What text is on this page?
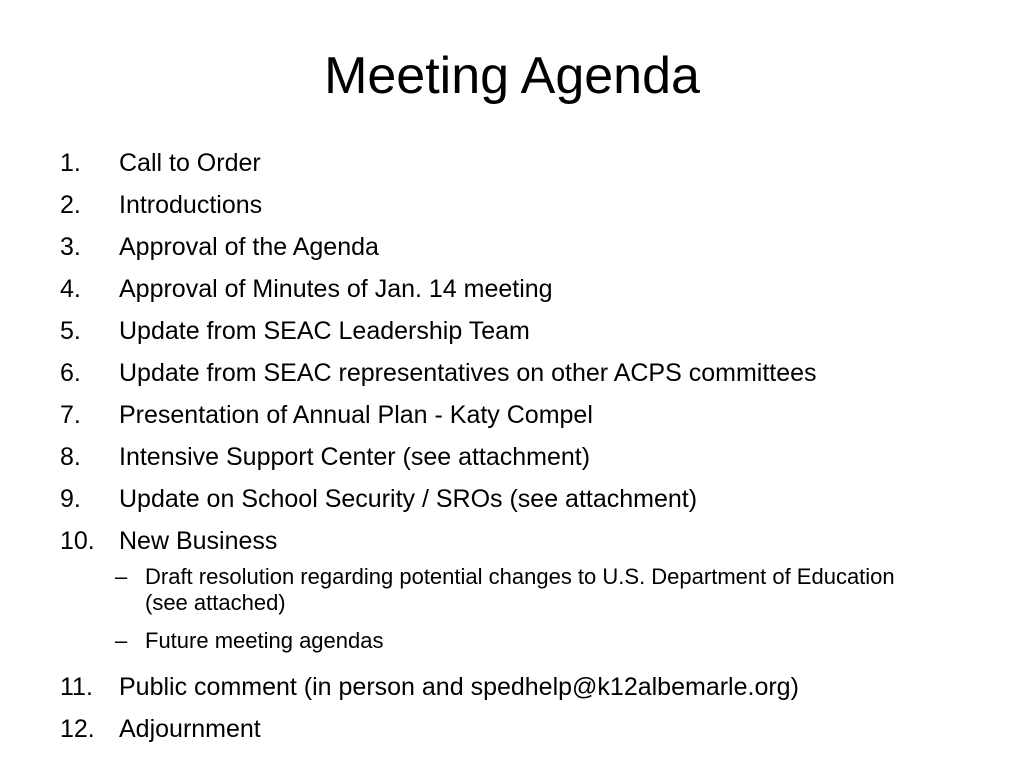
Meeting Agenda
1. Call to Order
2. Introductions
3. Approval of the Agenda
4. Approval of Minutes of Jan. 14 meeting
5. Update from SEAC Leadership Team
6. Update from SEAC representatives on other ACPS committees
7. Presentation of Annual Plan - Katy Compel
8. Intensive Support Center (see attachment)
9. Update on School Security / SROs (see attachment)
10. New Business
– Draft resolution regarding potential changes to U.S. Department of Education (see attached)
– Future meeting agendas
11. Public comment (in person and spedhelp@k12albemarle.org)
12. Adjournment
